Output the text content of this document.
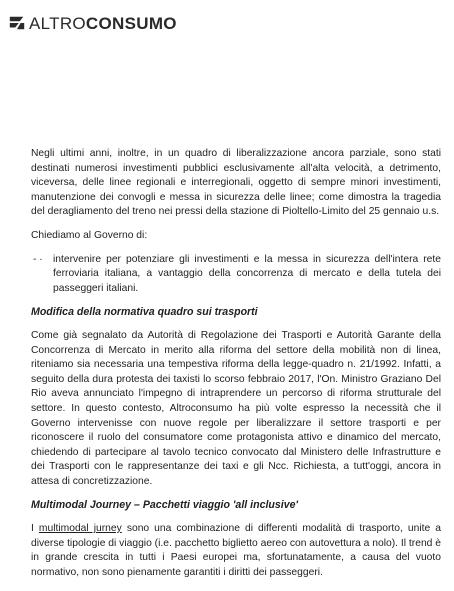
ALTROCONSUMO

Negli ultimi anni, inoltre, in un quadro di liberalizzazione ancora parziale, sono stati destinati numerosi investimenti pubblici esclusivamente all'alta velocità, a detrimento, viceversa, delle linee regionali e interregionali, oggetto di sempre minori investimenti, manutenzione dei convogli e messa in sicurezza delle linee; come dimostra la tragedia del deragliamento del treno nei pressi della stazione di Pioltello-Limito del 25 gennaio u.s.

Chiediamo al Governo di:

- · intervenire per potenziare gli investimenti e la messa in sicurezza dell'intera rete ferroviaria italiana, a vantaggio della concorrenza di mercato e della tutela dei passeggeri italiani.

Modifica della normativa quadro sui trasporti

Come già segnalato da Autorità di Regolazione dei Trasporti e Autorità Garante della Concorrenza di Mercato in merito alla riforma del settore della mobilità non di linea, riteniamo sia necessaria una tempestiva riforma della legge-quadro n. 21/1992. Infatti, a seguito della dura protesta dei taxisti lo scorso febbraio 2017, l'On. Ministro Graziano Del Rio aveva annunciato l'impegno di intraprendere un percorso di riforma strutturale del settore. In questo contesto, Altroconsumo ha più volte espresso la necessità che il Governo intervenisse con nuove regole per liberalizzare il settore trasporti e per riconoscere il ruolo del consumatore come protagonista attivo e dinamico del mercato, chiedendo di partecipare al tavolo tecnico convocato dal Ministero delle Infrastrutture e dei Trasporti con le rappresentanze dei taxi e gli Ncc. Richiesta, a tutt'oggi, ancora in attesa di concretizzazione.

Multimodal Journey – Pacchetti viaggio 'all inclusive'

I multimodal jurney sono una combinazione di differenti modalità di trasporto, unite a diverse tipologie di viaggio (i.e. pacchetto biglietto aereo con autovettura a nolo). Il trend è in grande crescita in tutti i Paesi europei ma, sfortunatamente, a causa del vuoto normativo, non sono pienamente garantiti i diritti dei passeggeri.
